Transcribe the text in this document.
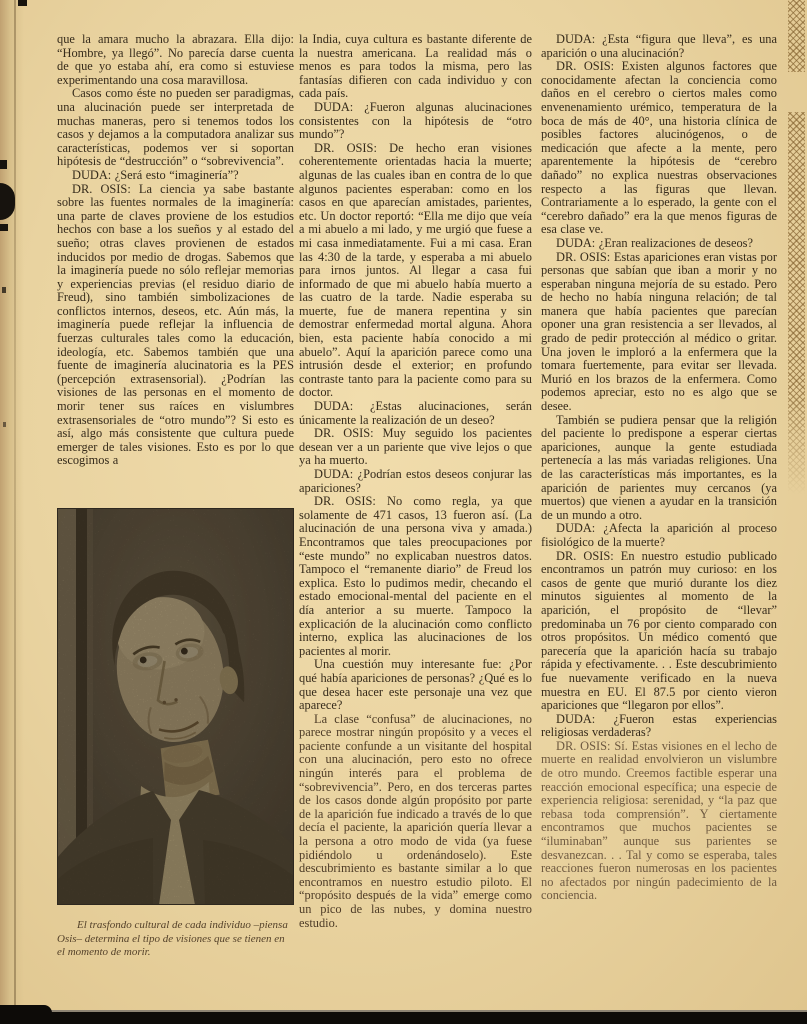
que la amara mucho la abrazara. Ella dijo: “Hombre, ya llegó”. No parecía darse cuenta de que yo estaba ahí, era como si estuviese experimentando una cosa maravillosa.

Casos como éste no pueden ser paradigmas, una alucinación puede ser interpretada de muchas maneras, pero si tenemos todos los casos y dejamos a la computadora analizar sus características, podemos ver si soportan hipótesis de “destrucción” o “sobrevivencia”.

DUDA: ¿Será esto “imaginería”?

DR. OSIS: La ciencia ya sabe bastante sobre las fuentes normales de la imaginería: una parte de claves proviene de los estudios hechos con base a los sueños y al estado del sueño; otras claves provienen de estados inducidos por medio de drogas. Sabemos que la imaginería puede no sólo reflejar memorias y experiencias previas (el residuo diario de Freud), sino también simbolizaciones de conflictos internos, deseos, etc. Aún más, la imaginería puede reflejar la influencia de fuerzas culturales tales como la educación, ideología, etc. Sabemos también que una fuente de imaginería alucinatoria es la PES (percepción extrasensorial). ¿Podrían las visiones de las personas en el momento de morir tener sus raíces en vislumbres extrasensoriales de “otro mundo”? Si esto es así, algo más consistente que cultura puede emerger de tales visiones. Esto es por lo que escogimos a

El trasfondo cultural de cada individuo –piensa Osis– determina el tipo de visiones que se tienen en el momento de morir.

la India, cuya cultura es bastante diferente de la nuestra americana. La realidad más o menos es para todos la misma, pero las fantasías difieren con cada individuo y con cada país.

DUDA: ¿Fueron algunas alucinaciones consistentes con la hipótesis de “otro mundo”?

DR. OSIS: De hecho eran visiones coherentemente orientadas hacia la muerte; algunas de las cuales iban en contra de lo que algunos pacientes esperaban: como en los casos en que aparecían amistades, parientes, etc. Un doctor reportó: “Ella me dijo que veía a mi abuelo a mi lado, y me urgió que fuese a mi casa inmediatamente. Fui a mi casa. Eran las 4:30 de la tarde, y esperaba a mi abuelo para irnos juntos. Al llegar a casa fui informado de que mi abuelo había muerto a las cuatro de la tarde. Nadie esperaba su muerte, fue de manera repentina y sin demostrar enfermedad mortal alguna. Ahora bien, esta paciente había conocido a mi abuelo”. Aquí la aparición parece como una intrusión desde el exterior; en profundo contraste tanto para la paciente como para su doctor.

DUDA: ¿Estas alucinaciones, serán únicamente la realización de un deseo?

DR. OSIS: Muy seguido los pacientes desean ver a un pariente que vive lejos o que ya ha muerto.

DUDA: ¿Podrían estos deseos conjurar las apariciones?

DR. OSIS: No como regla, ya que solamente de 471 casos, 13 fueron así. (La alucinación de una persona viva y amada.) Encontramos que tales preocupaciones por “este mundo” no explicaban nuestros datos. Tampoco el “remanente diario” de Freud los explica. Esto lo pudimos medir, checando el estado emocional-mental del paciente en el día anterior a su muerte. Tampoco la explicación de la alucinación como conflicto interno, explica las alucinaciones de los pacientes al morir.

Una cuestión muy interesante fue: ¿Por qué había apariciones de personas? ¿Qué es lo que desea hacer este personaje una vez que aparece?

La clase “confusa” de alucinaciones, no parece mostrar ningún propósito y a veces el paciente confunde a un visitante del hospital con una alucinación, pero esto no ofrece ningún interés para el problema de “sobrevivencia”. Pero, en dos terceras partes de los casos donde algún propósito por parte de la aparición fue indicado a través de lo que decía el paciente, la aparición quería llevar a la persona a otro modo de vida (ya fuese pidiéndolo u ordenándoselo). Este descubrimiento es bastante similar a lo que encontramos en nuestro estudio piloto. El “propósito después de la vida” emerge como un pico de las nubes, y domina nuestro estudio.

DUDA: ¿Esta “figura que lleva”, es una aparición o una alucinación?

DR. OSIS: Existen algunos factores que conocidamente afectan la conciencia como daños en el cerebro o ciertos males como envenenamiento urémico, temperatura de la boca de más de 40°, una historia clínica de posibles factores alucinógenos, o de medicación que afecte a la mente, pero aparentemente la hipótesis de “cerebro dañado” no explica nuestras observaciones respecto a las figuras que llevan. Contrariamente a lo esperado, la gente con el “cerebro dañado” era la que menos figuras de esa clase ve.

DUDA: ¿Eran realizaciones de deseos?

DR. OSIS: Estas apariciones eran vistas por personas que sabían que iban a morir y no esperaban ninguna mejoría de su estado. Pero de hecho no había ninguna relación; de tal manera que había pacientes que parecían oponer una gran resistencia a ser llevados, al grado de pedir protección al médico o gritar. Una joven le imploró a la enfermera que la tomara fuertemente, para evitar ser llevada. Murió en los brazos de la enfermera. Como podemos apreciar, esto no es algo que se desee.

También se pudiera pensar que la religión del paciente lo predispone a esperar ciertas apariciones, aunque la gente estudiada pertenecía a las más variadas religiones. Una de las características más importantes, es la aparición de parientes muy cercanos (ya muertos) que vienen a ayudar en la transición de un mundo a otro.

DUDA: ¿Afecta la aparición al proceso fisiológico de la muerte?

DR. OSIS: En nuestro estudio publicado encontramos un patrón muy curioso: en los casos de gente que murió durante los diez minutos siguientes al momento de la aparición, el propósito de “llevar” predominaba un 76 por ciento comparado con otros propósitos. Un médico comentó que parecería que la aparición hacía su trabajo rápida y efectivamente. . . Este descubrimiento fue nuevamente verificado en la nueva muestra en EU. El 87.5 por ciento vieron apariciones que “llegaron por ellos”.

DUDA: ¿Fueron estas experiencias religiosas verdaderas?

DR. OSIS: Sí. Estas visiones en el lecho de muerte en realidad envolvieron un vislumbre de otro mundo. Creemos factible esperar una reacción emocional específica; una especie de experiencia religiosa: serenidad, y “la paz que rebasa toda comprensión”. Y ciertamente encontramos que muchos pacientes se “iluminaban” aunque sus parientes se desvanezcan. . . Tal y como se esperaba, tales reacciones fueron numerosas en los pacientes no afectados por ningún padecimiento de la conciencia.
